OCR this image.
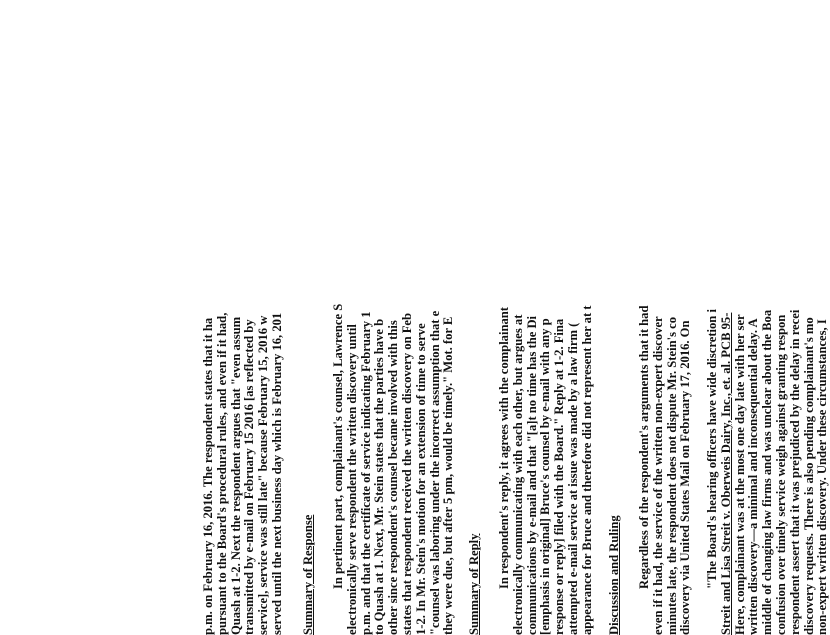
p.m. on February 16, 2016. The respondent states that it ha pursuant to the Board's procedural rules, and even if it had, Quash at 1-2. Next the respondent argues that "even assum transmitted by e-mail on February 15 2016 [as reflected by service], service was still late" because February 15, 2016 w served until the next business day which is February 16, 201 Summary of Response In pertinent part, complainant's counsel, Lawrence S electronically serve respondent the written discovery until p.m. and that the certificate of service indicating February 1 to Quash at 1. Next, Mr. Stein states that the parties have b other since respondent's counsel became involved with this states that respondent received the written discovery on Feb 1-2. In Mr. Stein's motion for an extension of time to serve "counsel was laboring under the incorrect assumption that e they were due, but after 5 pm, would be timely." Mot. for E Summary of Reply In respondent's reply, it agrees with the complainant electronically communicating with each other, but argues at communications by e-mail and that "[a]t no time has the Di [emphasis in original] Bruce's counsel by e-mail with any p response or reply] filed with the Board." Reply at 1-2. Fina attempted e-mail service at issue was made by a law firm ( appearance for Bruce and therefore did not represent her at t Discussion and Ruling Regardless of the respondent's arguments that it had even if it had, the service of the written non-expert discover minutes late, the respondent does not dispute Mr. Stein's co discovery via United States Mail on February 17, 2016. On "The Board's hearing officers have wide discretion i Streit and Lisa Streit v. Oberweis Dairy, Inc., et. al. PCB 95- Here, complainant was at the most one day late with her ser written discovery—a minimal and inconsequential delay. A middle of changing law firms and was unclear about the Boa confusion over timely service weigh against granting respon respondent assert that it was prejudiced by the delay in recei discovery requests. There is also pending complainant's mo non-expert written discovery. Under these circumstances, I
